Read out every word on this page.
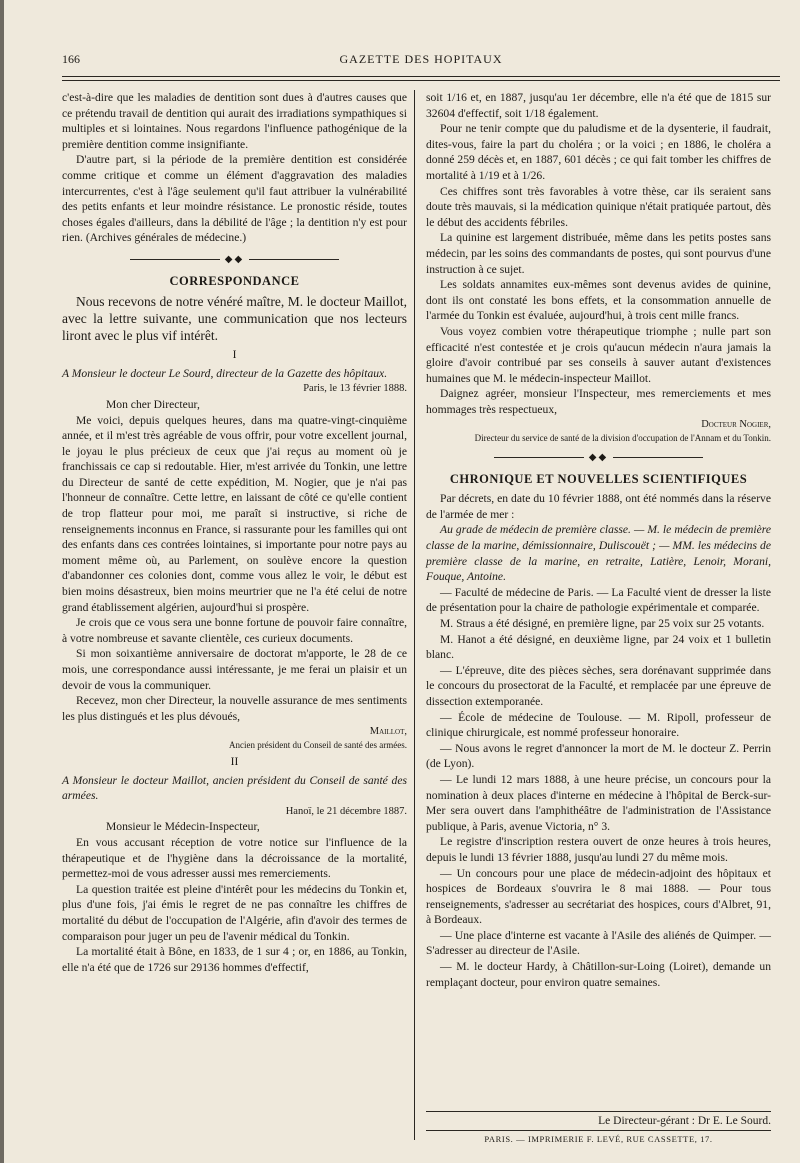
166	GAZETTE DES HOPITAUX

c'est-à-dire que les maladies de dentition sont dues à d'autres causes que ce prétendu travail de dentition qui aurait des irradiations sympathiques si multiples et si lointaines. Nous regardons l'influence pathogénique de la première dentition comme insignifiante.

D'autre part, si la période de la première dentition est considérée comme critique et comme un élément d'aggravation des maladies intercurrentes, c'est à l'âge seulement qu'il faut attribuer la vulnérabilité des petits enfants et leur moindre résistance. Le pronostic réside, toutes choses égales d'ailleurs, dans la débilité de l'âge ; la dentition n'y est pour rien. (Archives générales de médecine.)

◆◆
CORRESPONDANCE

Nous recevons de notre vénéré maître, M. le docteur Maillot, avec la lettre suivante, une communication que nos lecteurs liront avec le plus vif intérêt.

I

A Monsieur le docteur Le Sourd, directeur de la Gazette des hôpitaux.

Paris, le 13 février 1888.

Mon cher Directeur,

Me voici, depuis quelques heures, dans ma quatre-vingt-cinquième année, et il m'est très agréable de vous offrir, pour votre excellent journal, le joyau le plus précieux de ceux que j'ai reçus au moment où je franchissais ce cap si redoutable. Hier, m'est arrivée du Tonkin, une lettre du Directeur de santé de cette expédition, M. Nogier, que je n'ai pas l'honneur de connaître. Cette lettre, en laissant de côté ce qu'elle contient de trop flatteur pour moi, me paraît si instructive, si riche de renseignements inconnus en France, si rassurante pour les familles qui ont des enfants dans ces contrées lointaines, si importante pour notre pays au moment même où, au Parlement, on soulève encore la question d'abandonner ces colonies dont, comme vous allez le voir, le début est bien moins désastreux, bien moins meurtrier que ne l'a été celui de notre grand établissement algérien, aujourd'hui si prospère.

Je crois que ce vous sera une bonne fortune de pouvoir faire connaître, à votre nombreuse et savante clientèle, ces curieux documents.

Si mon soixantième anniversaire de doctorat m'apporte, le 28 de ce mois, une correspondance aussi intéressante, je me ferai un plaisir et un devoir de vous la communiquer.

Recevez, mon cher Directeur, la nouvelle assurance de mes sentiments les plus distingués et les plus dévoués,

Maillot,

Ancien président du Conseil de santé des armées.

II

A Monsieur le docteur Maillot, ancien président du Conseil de santé des armées.

Hanoï, le 21 décembre 1887.

Monsieur le Médecin-Inspecteur,

En vous accusant réception de votre notice sur l'influence de la thérapeutique et de l'hygiène dans la décroissance de la mortalité, permettez-moi de vous adresser aussi mes remerciements.

La question traitée est pleine d'intérêt pour les médecins du Tonkin et, plus d'une fois, j'ai émis le regret de ne pas connaître les chiffres de mortalité du début de l'occupation de l'Algérie, afin d'avoir des termes de comparaison pour juger un peu de l'avenir médical du Tonkin.

La mortalité était à Bône, en 1833, de 1 sur 4 ; or, en 1886, au Tonkin, elle n'a été que de 1726 sur 29136 hommes d'effectif,

soit 1/16 et, en 1887, jusqu'au 1er décembre, elle n'a été que de 1815 sur 32604 d'effectif, soit 1/18 également.

Pour ne tenir compte que du paludisme et de la dysenterie, il faudrait, dites-vous, faire la part du choléra ; or la voici ; en 1886, le choléra a donné 259 décès et, en 1887, 601 décès ; ce qui fait tomber les chiffres de mortalité à 1/19 et à 1/26.

Ces chiffres sont très favorables à votre thèse, car ils seraient sans doute très mauvais, si la médication quinique n'était pratiquée partout, dès le début des accidents fébriles.

La quinine est largement distribuée, même dans les petits postes sans médecin, par les soins des commandants de postes, qui sont pourvus d'une instruction à ce sujet.

Les soldats annamites eux-mêmes sont devenus avides de quinine, dont ils ont constaté les bons effets, et la consommation annuelle de l'armée du Tonkin est évaluée, aujourd'hui, à trois cent mille francs.

Vous voyez combien votre thérapeutique triomphe ; nulle part son efficacité n'est contestée et je crois qu'aucun médecin n'aura jamais la gloire d'avoir contribué par ses conseils à sauver autant d'existences humaines que M. le médecin-inspecteur Maillot.

Daignez agréer, monsieur l'Inspecteur, mes remerciements et mes hommages très respectueux,

Docteur Nogier,

Directeur du service de santé de la division d'occupation de l'Annam et du Tonkin.

◆◆
CHRONIQUE ET NOUVELLES SCIENTIFIQUES

Par décrets, en date du 10 février 1888, ont été nommés dans la réserve de l'armée de mer :

Au grade de médecin de première classe. — M. le médecin de première classe de la marine, démissionnaire, Duliscouët ; — MM. les médecins de première classe de la marine, en retraite, Latière, Lenoir, Morani, Fouque, Antoine.

— Faculté de médecine de Paris. — La Faculté vient de dresser la liste de présentation pour la chaire de pathologie expérimentale et comparée.

M. Straus a été désigné, en première ligne, par 25 voix sur 25 votants.

M. Hanot a été désigné, en deuxième ligne, par 24 voix et 1 bulletin blanc.

— L'épreuve, dite des pièces sèches, sera dorénavant supprimée dans le concours du prosectorat de la Faculté, et remplacée par une épreuve de dissection extemporanée.

— École de médecine de Toulouse. — M. Ripoll, professeur de clinique chirurgicale, est nommé professeur honoraire.

— Nous avons le regret d'annoncer la mort de M. le docteur Z. Perrin (de Lyon).

— Le lundi 12 mars 1888, à une heure précise, un concours pour la nomination à deux places d'interne en médecine à l'hôpital de Berck-sur-Mer sera ouvert dans l'amphithéâtre de l'administration de l'Assistance publique, à Paris, avenue Victoria, n° 3.

Le registre d'inscription restera ouvert de onze heures à trois heures, depuis le lundi 13 février 1888, jusqu'au lundi 27 du même mois.

— Un concours pour une place de médecin-adjoint des hôpitaux et hospices de Bordeaux s'ouvrira le 8 mai 1888. — Pour tous renseignements, s'adresser au secrétariat des hospices, cours d'Albret, 91, à Bordeaux.

— Une place d'interne est vacante à l'Asile des aliénés de Quimper. — S'adresser au directeur de l'Asile.

— M. le docteur Hardy, à Châtillon-sur-Loing (Loiret), demande un remplaçant docteur, pour environ quatre semaines.

Le Directeur-gérant : Dr E. Le Sourd.
PARIS. — IMPRIMERIE F. LEVÉ, RUE CASSETTE, 17.
